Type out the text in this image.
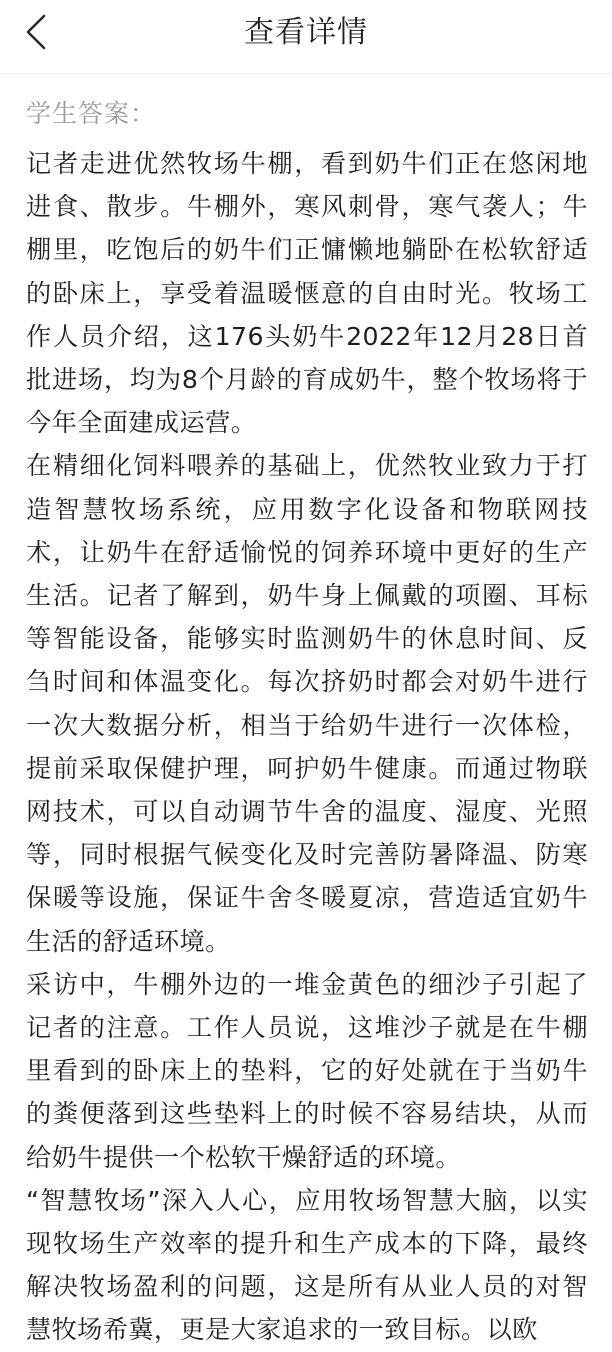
查看详情
学生答案：

记者走进优然牧场牛棚，看到奶牛们正在悠闲地进食、散步。牛棚外，寒风刺骨，寒气袭人；牛棚里，吃饱后的奶牛们正慵懒地躺卧在松软舒适的卧床上，享受着温暖惬意的自由时光。牧场工作人员介绍，这176头奶牛2022年12月28日首批进场，均为8个月龄的育成奶牛，整个牧场将于今年全面建成运营。

在精细化饲料喂养的基础上，优然牧业致力于打造智慧牧场系统，应用数字化设备和物联网技术，让奶牛在舒适愉悦的饲养环境中更好的生产生活。记者了解到，奶牛身上佩戴的项圈、耳标等智能设备，能够实时监测奶牛的休息时间、反刍时间和体温变化。每次挤奶时都会对奶牛进行一次大数据分析，相当于给奶牛进行一次体检，提前采取保健护理，呵护奶牛健康。而通过物联网技术，可以自动调节牛舍的温度、湿度、光照等，同时根据气候变化及时完善防暑降温、防寒保暖等设施，保证牛舍冬暖夏凉，营造适宜奶牛生活的舒适环境。

采访中，牛棚外边的一堆金黄色的细沙子引起了记者的注意。工作人员说，这堆沙子就是在牛棚里看到的卧床上的垫料，它的好处就在于当奶牛的粪便落到这些垫料上的时候不容易结块，从而给奶牛提供一个松软干燥舒适的环境。

“智慧牧场”深入人心，应用牧场智慧大脑，以实现牧场生产效率的提升和生产成本的下降，最终解决牧场盈利的问题，这是所有从业人员的对智慧牧场希冀，更是大家追求的一致目标。以欧
